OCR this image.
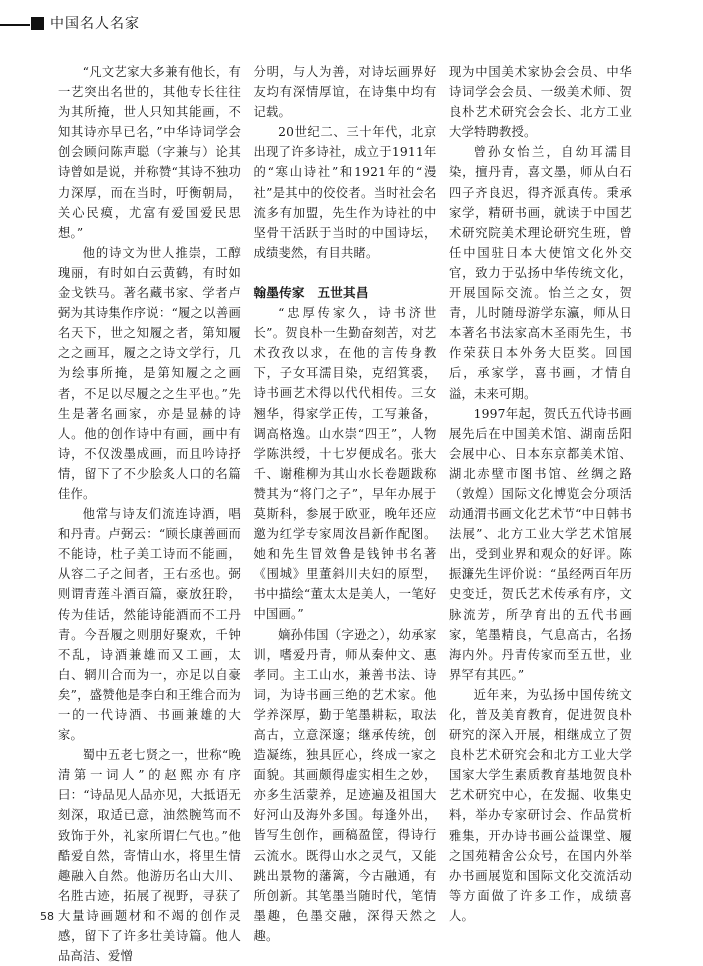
中国名人名家

“凡文艺家大多兼有他长，有一艺突出名世的，其他专长往往为其所掩，世人只知其能画，不知其诗亦早已名，”中华诗词学会创会顾问陈声聪（字兼与）论其诗曾如是说，并称赞“其诗不独功力深厚，而在当时，吁衡朝局，关心民瘼，尤富有爱国爱民思想。”

他的诗文为世人推崇，工醇瑰丽，有时如白云黄鹤，有时如金戈铁马。著名藏书家、学者卢弼为其诗集作序说：“履之以善画名天下，世之知履之者，第知履之之画耳，履之之诗文学行，几为绘事所掩，是第知履之之画者，不足以尽履之之生平也。”先生是著名画家，亦是显赫的诗人。他的创作诗中有画，画中有诗，不仅泼墨成画，而且吟诗抒情，留下了不少脍炙人口的名篇佳作。

他常与诗友们流连诗酒，唱和丹青。卢弼云：“顾长康善画而不能诗，杜子美工诗而不能画，从容二子之间者，王右丞也。弼则谓青莲斗酒百篇，豪放狂聆，传为佳话，然能诗能酒而不工丹青。今吾履之则朋好聚欢，千钟不乱，诗酒兼雄而又工画，太白、辋川合而为一，亦足以自豪矣”，盛赞他是李白和王维合而为一的一代诗酒、书画兼雄的大家。

蜀中五老七贤之一，世称“晚清第一词人”的赵熙亦有序曰：“诗品见人品亦见，大抵语无刻深，取适已意，油然腕笃而不致饰于外，礼家所谓仁气也。”他酷爱自然，寄情山水，将里生情趣融入自然。他游历名山大川、名胜古迹，拓展了视野，寻获了大量诗画题材和不竭的创作灵感，留下了许多壮美诗篇。他人品高洁、爱憎

分明，与人为善，对诗坛画界好友均有深情厚谊，在诗集中均有记载。

20世纪二、三十年代，北京出现了许多诗社，成立于1911年的“寒山诗社”和1921年的“漫社”是其中的佼佼者。当时社会名流多有加盟，先生作为诗社的中坚骨干活跃于当时的中国诗坛，成绩斐然，有目共睹。

翰墨传家　五世其昌

“忠厚传家久，诗书济世长”。贺良朴一生勤奋刻苦，对艺术孜孜以求，在他的言传身教下，子女耳濡目染，克绍箕裘，诗书画艺术得以代代相传。三女翘华，得家学正传，工写兼备，调高格逸。山水崇“四王”，人物学陈洪绶，十七岁便成名。张大千、谢稚柳为其山水长卷题跋称赞其为“将门之子”，早年办展于莫斯科，参展于欧亚，晚年还应邀为红学专家周汝昌新作配图。她和先生冒效鲁是钱钟书名著《围城》里董斜川夫妇的原型，书中描绘“董太太是美人，一笔好中国画。”

嫡孙伟国（字逊之），幼承家训，嗜爱丹青，师从秦仲文、惠孝同。主工山水，兼善书法、诗词，为诗书画三绝的艺术家。他学养深厚，勤于笔墨耕耘，取法高古，立意深邃；继承传统，创造凝练，独具匠心，终成一家之面貌。其画颇得虚实相生之妙，亦多生活蒙养，足迹遍及祖国大好河山及海外多国。每逢外出，皆写生创作，画稿盈筐，得诗行云流水。既得山水之灵气，又能跳出景物的藩篱，今古融通，有所创新。其笔墨当随时代，笔情墨趣，色墨交融，深得天然之趣。

现为中国美术家协会会员、中华诗词学会会员、一级美术师、贺良朴艺术研究会会长、北方工业大学特聘教授。

曾孙女怡兰，自幼耳濡目染，擅丹青，喜文墨，师从白石四子齐良迟，得齐派真传。秉承家学，精研书画，就读于中国艺术研究院美术理论研究生班，曾任中国驻日本大使馆文化外交官，致力于弘扬中华传统文化，开展国际交流。怡兰之女，贺青，儿时随母游学东瀛，师从日本著名书法家高木圣雨先生，书作荣获日本外务大臣奖。回国后，承家学，喜书画，才情自溢，未来可期。

1997年起，贺氏五代诗书画展先后在中国美术馆、湖南岳阳会展中心、日本东京都美术馆、湖北赤壁市图书馆、丝绸之路（敦煌）国际文化博览会分项活动通渭书画文化艺术节“中日韩书法展”、北方工业大学艺术馆展出，受到业界和观众的好评。陈振濂先生评价说：“虽经两百年历史变迁，贺氏艺术传承有序，文脉流芳，所孕育出的五代书画家，笔墨精良，气息高古，名扬海内外。丹青传家而至五世，业界罕有其匹。”

近年来，为弘扬中国传统文化，普及美育教育，促进贺良朴研究的深入开展，相继成立了贺良朴艺术研究会和北方工业大学国家大学生素质教育基地贺良朴艺术研究中心，在发掘、收集史料，举办专家研讨会、作品赏析雅集，开办诗书画公益课堂、履之国苑精舍公众号，在国内外举办书画展览和国际文化交流活动等方面做了许多工作，成绩喜人。

58
